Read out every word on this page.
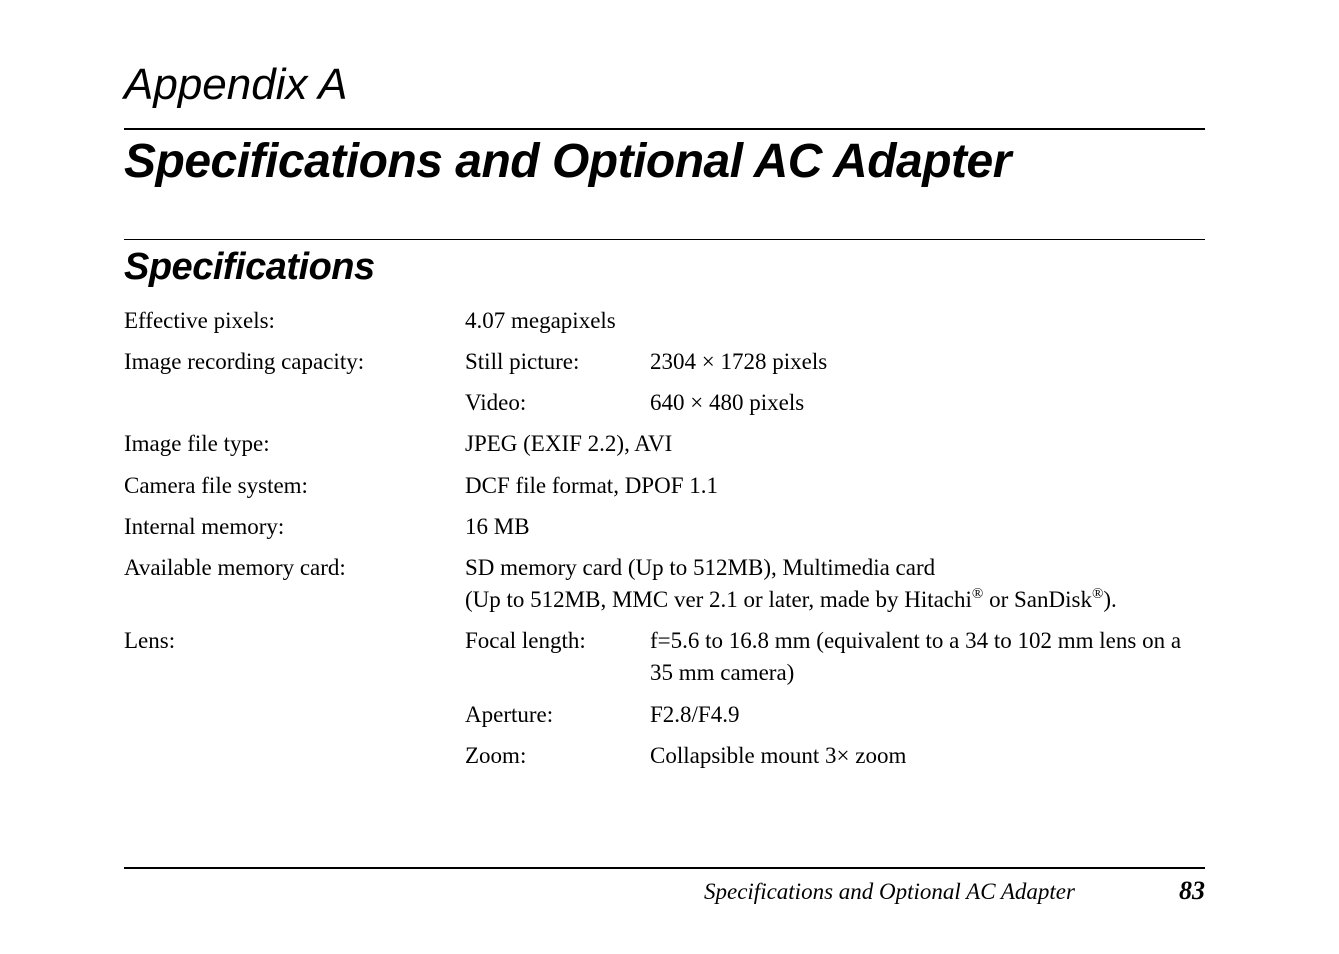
Appendix A
Specifications and Optional AC Adapter
Specifications
Effective pixels:	4.07 megapixels
Image recording capacity:	Still picture:	2304 × 1728 pixels
Video:	640 × 480 pixels
Image file type:	JPEG (EXIF 2.2), AVI
Camera file system:	DCF file format, DPOF 1.1
Internal memory:	16 MB
Available memory card:	SD memory card (Up to 512MB), Multimedia card
(Up to 512MB, MMC ver 2.1 or later, made by Hitachi® or SanDisk®).
Lens:	Focal length:	f=5.6 to 16.8 mm (equivalent to a 34 to 102 mm lens on a 35 mm camera)
Aperture:	F2.8/F4.9
Zoom:	Collapsible mount 3× zoom
Specifications and Optional AC Adapter	83
